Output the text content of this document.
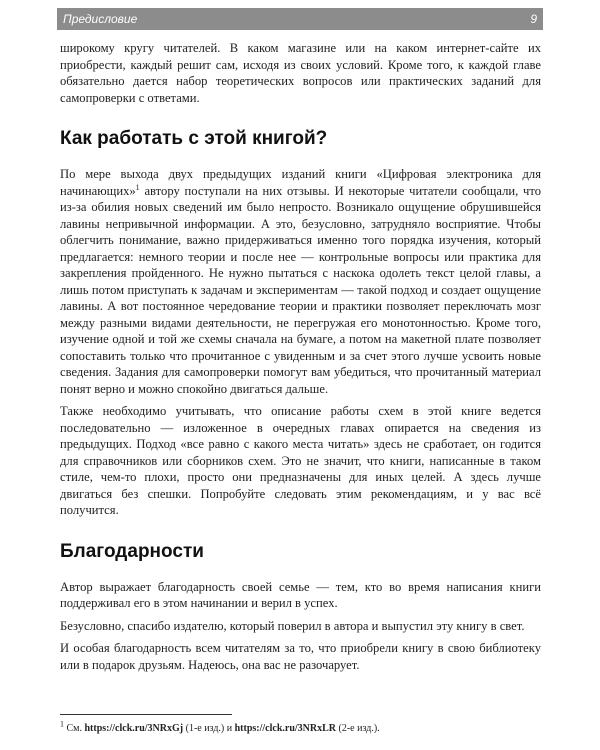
Предисловие	9

широкому кругу читателей. В каком магазине или на каком интернет-сайте их приобрести, каждый решит сам, исходя из своих условий. Кроме того, к каждой главе обязательно дается набор теоретических вопросов или практических заданий для самопроверки с ответами.

Как работать с этой книгой?

По мере выхода двух предыдущих изданий книги «Цифровая электроника для начинающих»$^1$ автору поступали на них отзывы. И некоторые читатели сообщали, что из-за обилия новых сведений им было непросто. Возникало ощущение обрушившейся лавины непривычной информации. А это, безусловно, затрудняло восприятие. Чтобы облегчить понимание, важно придерживаться именно того порядка изучения, который предлагается: немного теории и после нее — контрольные вопросы или практика для закрепления пройденного. Не нужно пытаться с наскока одолеть текст целой главы, а лишь потом приступать к задачам и экспериментам — такой подход и создает ощущение лавины. А вот постоянное чередование теории и практики позволяет переключать мозг между разными видами деятельности, не перегружая его монотонностью. Кроме того, изучение одной и той же схемы сначала на бумаге, а потом на макетной плате позволяет сопоставить только что прочитанное с увиденным и за счет этого лучше усвоить новые сведения. Задания для самопроверки помогут вам убедиться, что прочитанный материал понят верно и можно спокойно двигаться дальше.

Также необходимо учитывать, что описание работы схем в этой книге ведется последовательно — изложенное в очередных главах опирается на сведения из предыдущих. Подход «все равно с какого места читать» здесь не сработает, он годится для справочников или сборников схем. Это не значит, что книги, написанные в таком стиле, чем-то плохи, просто они предназначены для иных целей. А здесь лучше двигаться без спешки. Попробуйте следовать этим рекомендациям, и у вас всё получится.

Благодарности

Автор выражает благодарность своей семье — тем, кто во время написания книги поддерживал его в этом начинании и верил в успех.

Безусловно, спасибо издателю, который поверил в автора и выпустил эту книгу в свет.

И особая благодарность всем читателям за то, что приобрели книгу в свою библиотеку или в подарок друзьям. Надеюсь, она вас не разочарует.

$^1$ См. https://clck.ru/3NRxGj (1-е изд.) и https://clck.ru/3NRxLR (2-е изд.).
